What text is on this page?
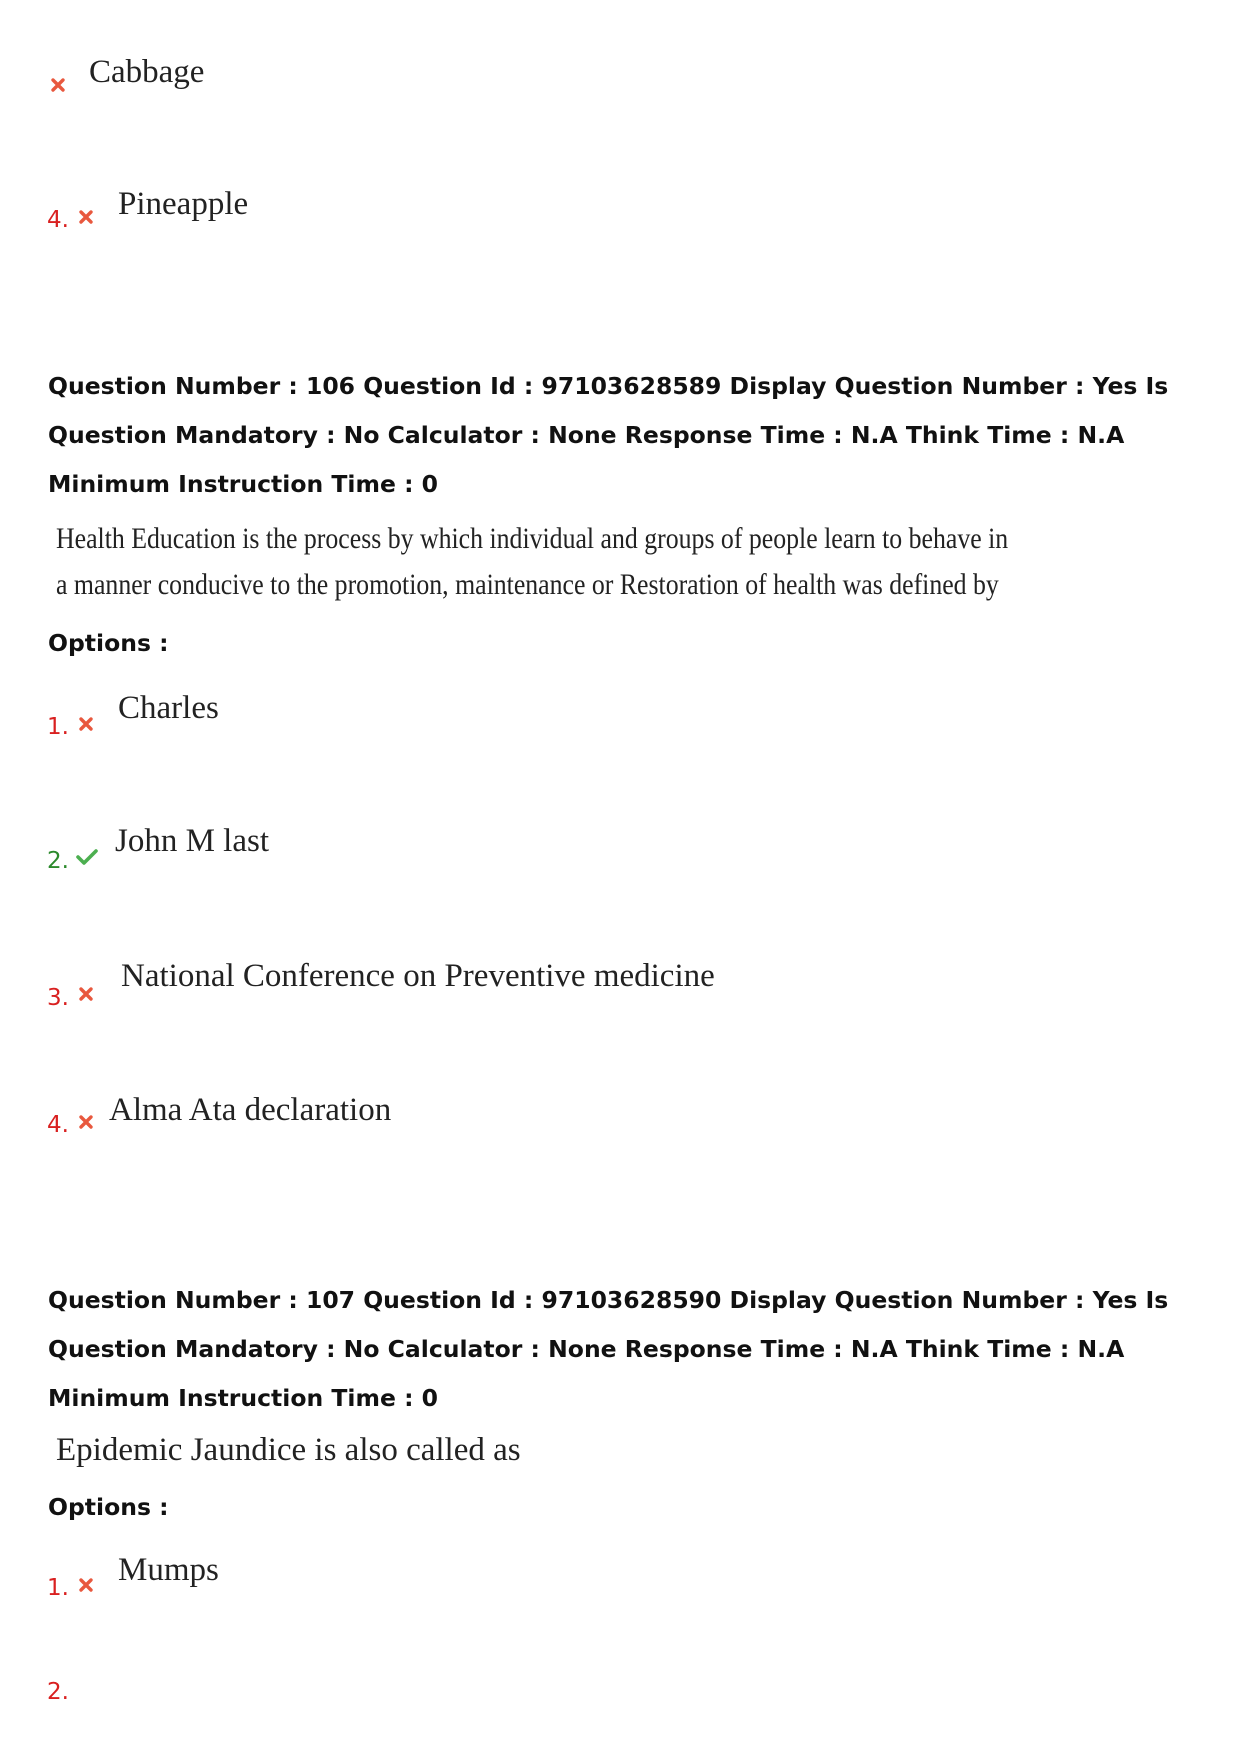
Cabbage
4. Pineapple
Question Number : 106 Question Id : 97103628589 Display Question Number : Yes Is Question Mandatory : No Calculator : None Response Time : N.A Think Time : N.A Minimum Instruction Time : 0
Health Education is the process by which individual and groups of people learn to behave in
a manner conducive to the promotion, maintenance or Restoration of health was defined by
Options :
1.
Charles
2.
John M last
3.
National Conference on Preventive medicine
4. Alma Ata declaration
Question Number : 107 Question Id : 97103628590 Display Question Number : Yes Is Question Mandatory : No Calculator : None Response Time : N.A Think Time : N.A Minimum Instruction Time : 0
Epidemic Jaundice is also called as
Options :
1. Mumps
2.
